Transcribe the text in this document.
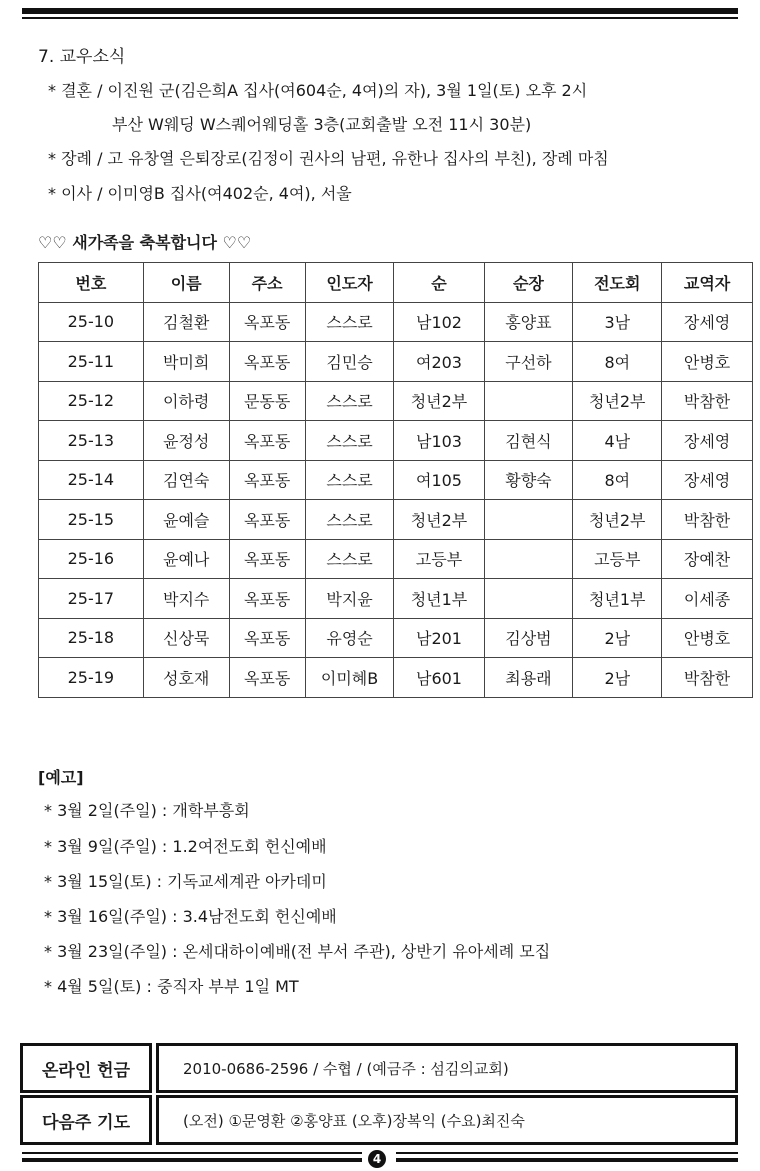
7. 교우소식
* 결혼 / 이진원 군(김은희A 집사(여604순, 4여)의 자), 3월 1일(토) 오후 2시
부산 W웨딩 W스퀘어웨딩홀 3층(교회출발 오전 11시 30분)
* 장례 / 고 유창열 은퇴장로(김정이 권사의 남편, 유한나 집사의 부친), 장례 마침
* 이사 / 이미영B 집사(여402순, 4여), 서울
♡♡ 새가족을 축복합니다 ♡♡
번호	이름	주소	인도자	순	순장	전도회	교역자
25-10	김철환	옥포동	스스로	남102	홍양표	3남	장세영
25-11	박미희	옥포동	김민승	여203	구선하	8여	안병호
25-12	이하령	문동동	스스로	청년2부		청년2부	박참한
25-13	윤정성	옥포동	스스로	남103	김현식	4남	장세영
25-14	김연숙	옥포동	스스로	여105	황향숙	8여	장세영
25-15	윤예슬	옥포동	스스로	청년2부		청년2부	박참한
25-16	윤예나	옥포동	스스로	고등부		고등부	장예찬
25-17	박지수	옥포동	박지윤	청년1부		청년1부	이세종
25-18	신상묵	옥포동	유영순	남201	김상범	2남	안병호
25-19	성호재	옥포동	이미혜B	남601	최용래	2남	박참한
[예고]
* 3월 2일(주일) : 개학부흥회
* 3월 9일(주일) : 1.2여전도회 헌신예배
* 3월 15일(토) : 기독교세계관 아카데미
* 3월 16일(주일) : 3.4남전도회 헌신예배
* 3월 23일(주일) : 온세대하이예배(전 부서 주관), 상반기 유아세례 모집
* 4월 5일(토) : 중직자 부부 1일 MT
온라인 헌금	2010-0686-2596 / 수협 / (예금주 : 섬김의교회)
다음주 기도	(오전) ①문영환 ②홍양표 (오후)장복익 (수요)최진숙
4
